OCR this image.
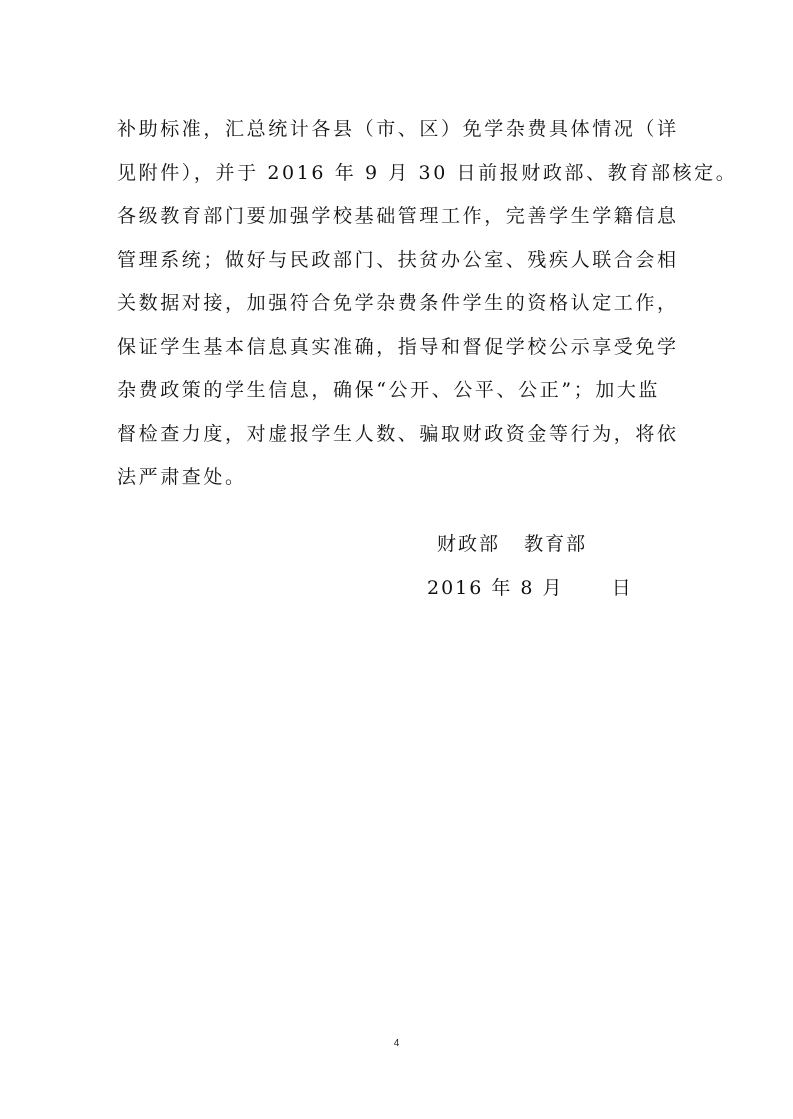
补助标准，汇总统计各县（市、区）免学杂费具体情况（详
见附件），并于 2016 年 9 月 30 日前报财政部、教育部核定。
各级教育部门要加强学校基础管理工作，完善学生学籍信息
管理系统；做好与民政部门、扶贫办公室、残疾人联合会相
关数据对接，加强符合免学杂费条件学生的资格认定工作，
保证学生基本信息真实准确，指导和督促学校公示享受免学
杂费政策的学生信息，确保“公开、公平、公正”；加大监
督检查力度，对虚报学生人数、骗取财政资金等行为，将依
法严肃查处。
财政部   教育部
2016 年 8 月      日
4
